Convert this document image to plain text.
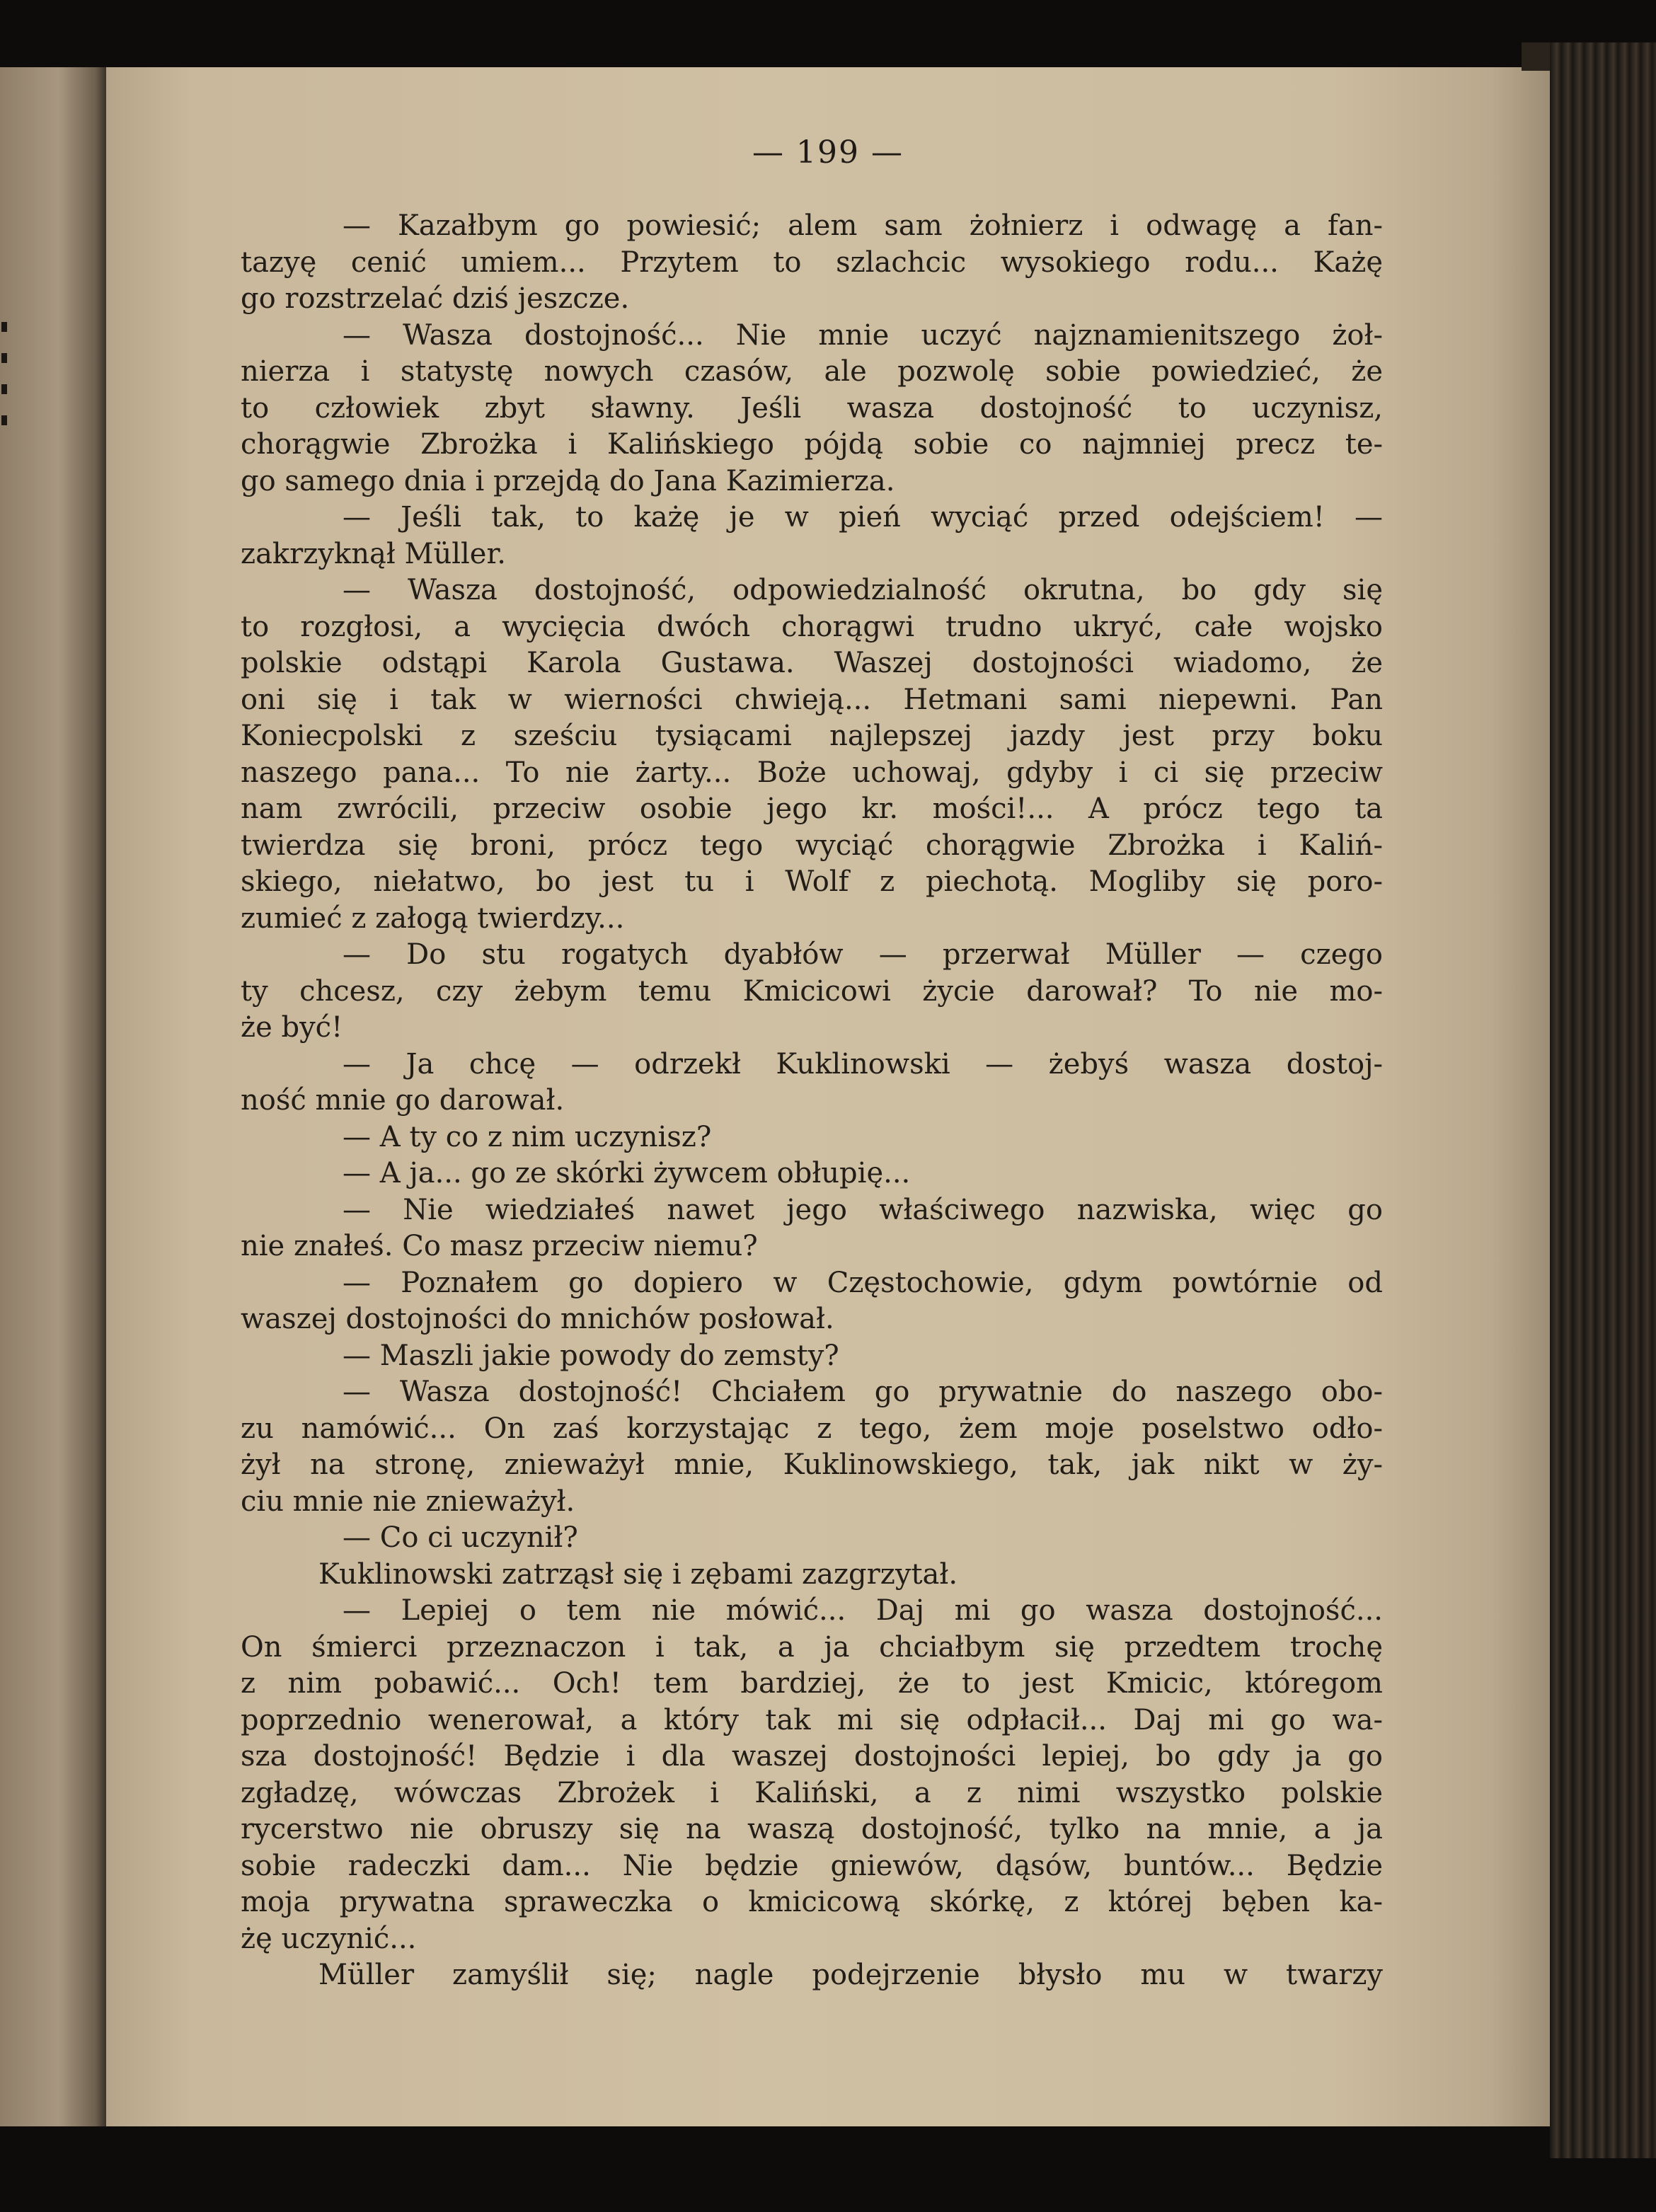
— 199 —
— Kazałbym go powiesić; alem sam żołnierz i odwagę a fan-
tazyę cenić umiem... Przytem to szlachcic wysokiego rodu... Każę
go rozstrzelać dziś jeszcze.
— Wasza dostojność... Nie mnie uczyć najznamienitszego żoł-
nierza i statystę nowych czasów, ale pozwolę sobie powiedzieć, że
to człowiek zbyt sławny. Jeśli wasza dostojność to uczynisz,
chorągwie Zbrożka i Kalińskiego pójdą sobie co najmniej precz te-
go samego dnia i przejdą do Jana Kazimierza.
— Jeśli tak, to każę je w pień wyciąć przed odejściem! —
zakrzyknął Müller.
— Wasza dostojność, odpowiedzialność okrutna, bo gdy się
to rozgłosi, a wycięcia dwóch chorągwi trudno ukryć, całe wojsko
polskie odstąpi Karola Gustawa. Waszej dostojności wiadomo, że
oni się i tak w wierności chwieją... Hetmani sami niepewni. Pan
Koniecpolski z sześciu tysiącami najlepszej jazdy jest przy boku
naszego pana... To nie żarty... Boże uchowaj, gdyby i ci się przeciw
nam zwrócili, przeciw osobie jego kr. mości!... A prócz tego ta
twierdza się broni, prócz tego wyciąć chorągwie Zbrożka i Kaliń-
skiego, niełatwo, bo jest tu i Wolf z piechotą. Mogliby się poro-
zumieć z załogą twierdzy...
— Do stu rogatych dyabłów — przerwał Müller — czego
ty chcesz, czy żebym temu Kmicicowi życie darował? To nie mo-
że być!
— Ja chcę — odrzekł Kuklinowski — żebyś wasza dostoj-
ność mnie go darował.
— A ty co z nim uczynisz?
— A ja... go ze skórki żywcem obłupię...
— Nie wiedziałeś nawet jego właściwego nazwiska, więc go
nie znałeś. Co masz przeciw niemu?
— Poznałem go dopiero w Częstochowie, gdym powtórnie od
waszej dostojności do mnichów posłował.
— Maszli jakie powody do zemsty?
— Wasza dostojność! Chciałem go prywatnie do naszego obo-
zu namówić... On zaś korzystając z tego, żem moje poselstwo odło-
żył na stronę, znieważył mnie, Kuklinowskiego, tak, jak nikt w ży-
ciu mnie nie znieważył.
— Co ci uczynił?
Kuklinowski zatrząsł się i zębami zazgrzytał.
— Lepiej o tem nie mówić... Daj mi go wasza dostojność...
On śmierci przeznaczon i tak, a ja chciałbym się przedtem trochę
z nim pobawić... Och! tem bardziej, że to jest Kmicic, któregom
poprzednio wenerował, a który tak mi się odpłacił... Daj mi go wa-
sza dostojność! Będzie i dla waszej dostojności lepiej, bo gdy ja go
zgładzę, wówczas Zbrożek i Kaliński, a z nimi wszystko polskie
rycerstwo nie obruszy się na waszą dostojność, tylko na mnie, a ja
sobie radeczki dam... Nie będzie gniewów, dąsów, buntów... Będzie
moja prywatna spraweczka o kmicicową skórkę, z której bęben ka-
żę uczynić...
Müller zamyślił się; nagle podejrzenie błysło mu w twarzy
